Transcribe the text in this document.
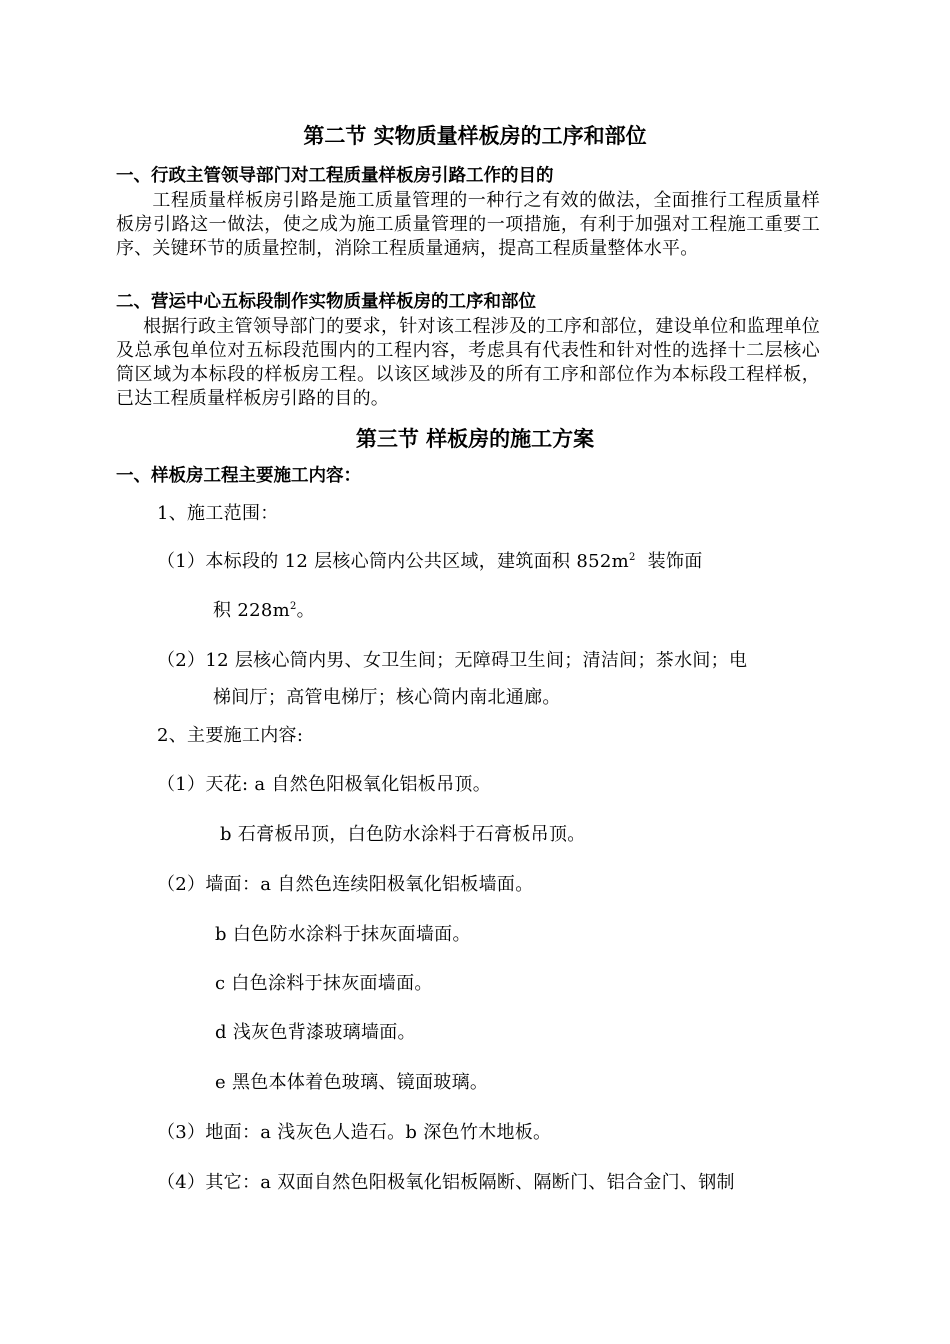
第二节 实物质量样板房的工序和部位
一、行政主管领导部门对工程质量样板房引路工作的目的
工程质量样板房引路是施工质量管理的一种行之有效的做法，全面推行工程质量样板房引路这一做法，使之成为施工质量管理的一项措施，有利于加强对工程施工重要工序、关键环节的质量控制，消除工程质量通病，提高工程质量整体水平。
二、营运中心五标段制作实物质量样板房的工序和部位
根据行政主管领导部门的要求，针对该工程涉及的工序和部位，建设单位和监理单位及总承包单位对五标段范围内的工程内容，考虑具有代表性和针对性的选择十二层核心筒区域为本标段的样板房工程。以该区域涉及的所有工序和部位作为本标段工程样板，已达工程质量样板房引路的目的。
第三节 样板房的施工方案
一、样板房工程主要施工内容：
1、施工范围：
（1）本标段的 12 层核心筒内公共区域，建筑面积 $852m^2$  装饰面
积 $228m^2$。
（2）12 层核心筒内男、女卫生间；无障碍卫生间；清洁间；茶水间；电
梯间厅；高管电梯厅；核心筒内南北通廊。
2、主要施工内容:
（1）天花: a 自然色阳极氧化铝板吊顶。
b 石膏板吊顶，白色防水涂料于石膏板吊顶。
（2）墙面：a 自然色连续阳极氧化铝板墙面。
b 白色防水涂料于抹灰面墙面。
c 白色涂料于抹灰面墙面。
d 浅灰色背漆玻璃墙面。
e 黑色本体着色玻璃、镜面玻璃。
（3）地面：a 浅灰色人造石。b 深色竹木地板。
（4）其它：a 双面自然色阳极氧化铝板隔断、隔断门、铝合金门、钢制
